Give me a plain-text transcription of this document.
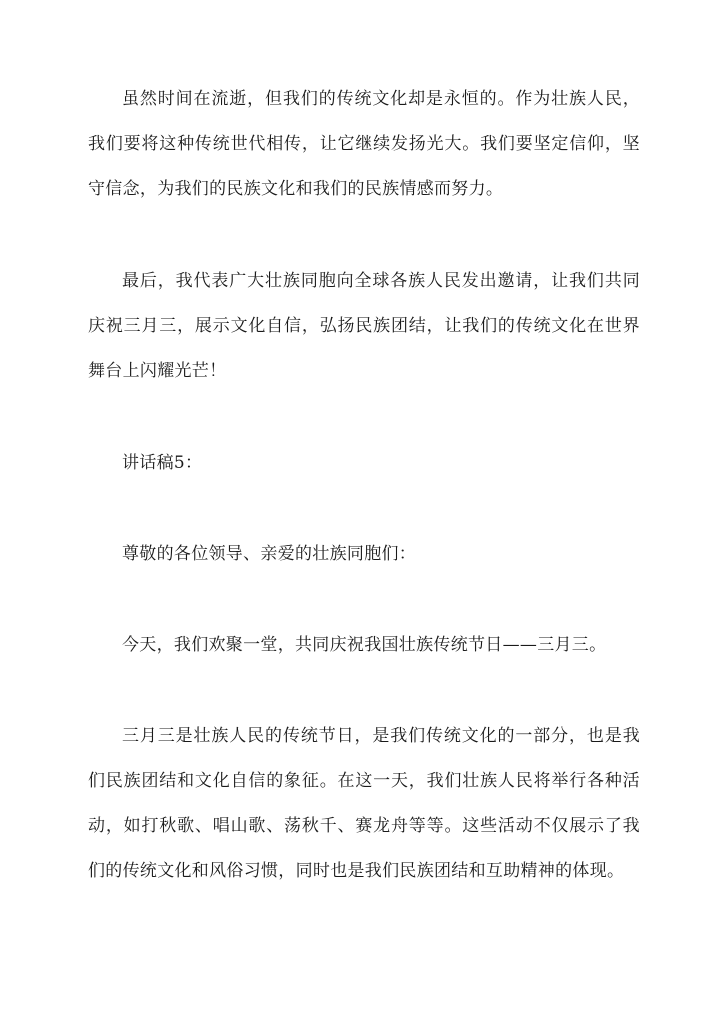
虽然时间在流逝，但我们的传统文化却是永恒的。作为壮族人民，我们要将这种传统世代相传，让它继续发扬光大。我们要坚定信仰，坚守信念，为我们的民族文化和我们的民族情感而努力。

最后，我代表广大壮族同胞向全球各族人民发出邀请，让我们共同庆祝三月三，展示文化自信，弘扬民族团结，让我们的传统文化在世界舞台上闪耀光芒！

讲话稿5：

尊敬的各位领导、亲爱的壮族同胞们：

今天，我们欢聚一堂，共同庆祝我国壮族传统节日——三月三。

三月三是壮族人民的传统节日，是我们传统文化的一部分，也是我们民族团结和文化自信的象征。在这一天，我们壮族人民将举行各种活动，如打秋歌、唱山歌、荡秋千、赛龙舟等等。这些活动不仅展示了我们的传统文化和风俗习惯，同时也是我们民族团结和互助精神的体现。
